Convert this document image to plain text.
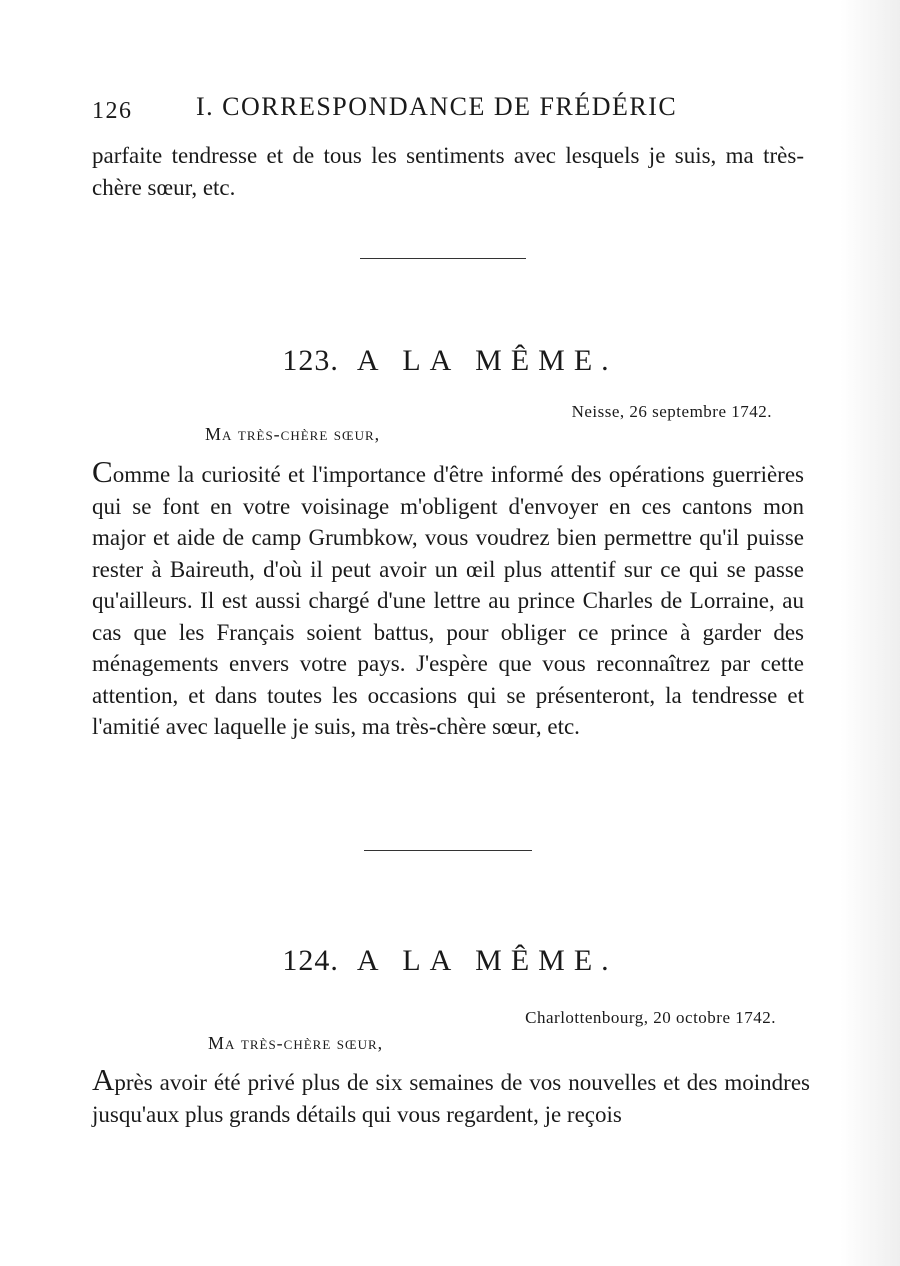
126 I. CORRESPONDANCE DE FRÉDÉRIC
parfaite tendresse et de tous les sentiments avec lesquels je suis, ma très-chère sœur, etc.
123. A LA MÊME.
Neisse, 26 septembre 1742.
Ma très-chère sœur,
Comme la curiosité et l'importance d'être informé des opérations guerrières qui se font en votre voisinage m'obligent d'envoyer en ces cantons mon major et aide de camp Grumbkow, vous voudrez bien permettre qu'il puisse rester à Baireuth, d'où il peut avoir un œil plus attentif sur ce qui se passe qu'ailleurs. Il est aussi chargé d'une lettre au prince Charles de Lorraine, au cas que les Français soient battus, pour obliger ce prince à garder des ménagements envers votre pays. J'espère que vous reconnaîtrez par cette attention, et dans toutes les occasions qui se présenteront, la tendresse et l'amitié avec laquelle je suis, ma très-chère sœur, etc.
124. A LA MÊME.
Charlottenbourg, 20 octobre 1742.
Ma très-chère sœur,
Après avoir été privé plus de six semaines de vos nouvelles et des moindres jusqu'aux plus grands détails qui vous regardent, je reçois
